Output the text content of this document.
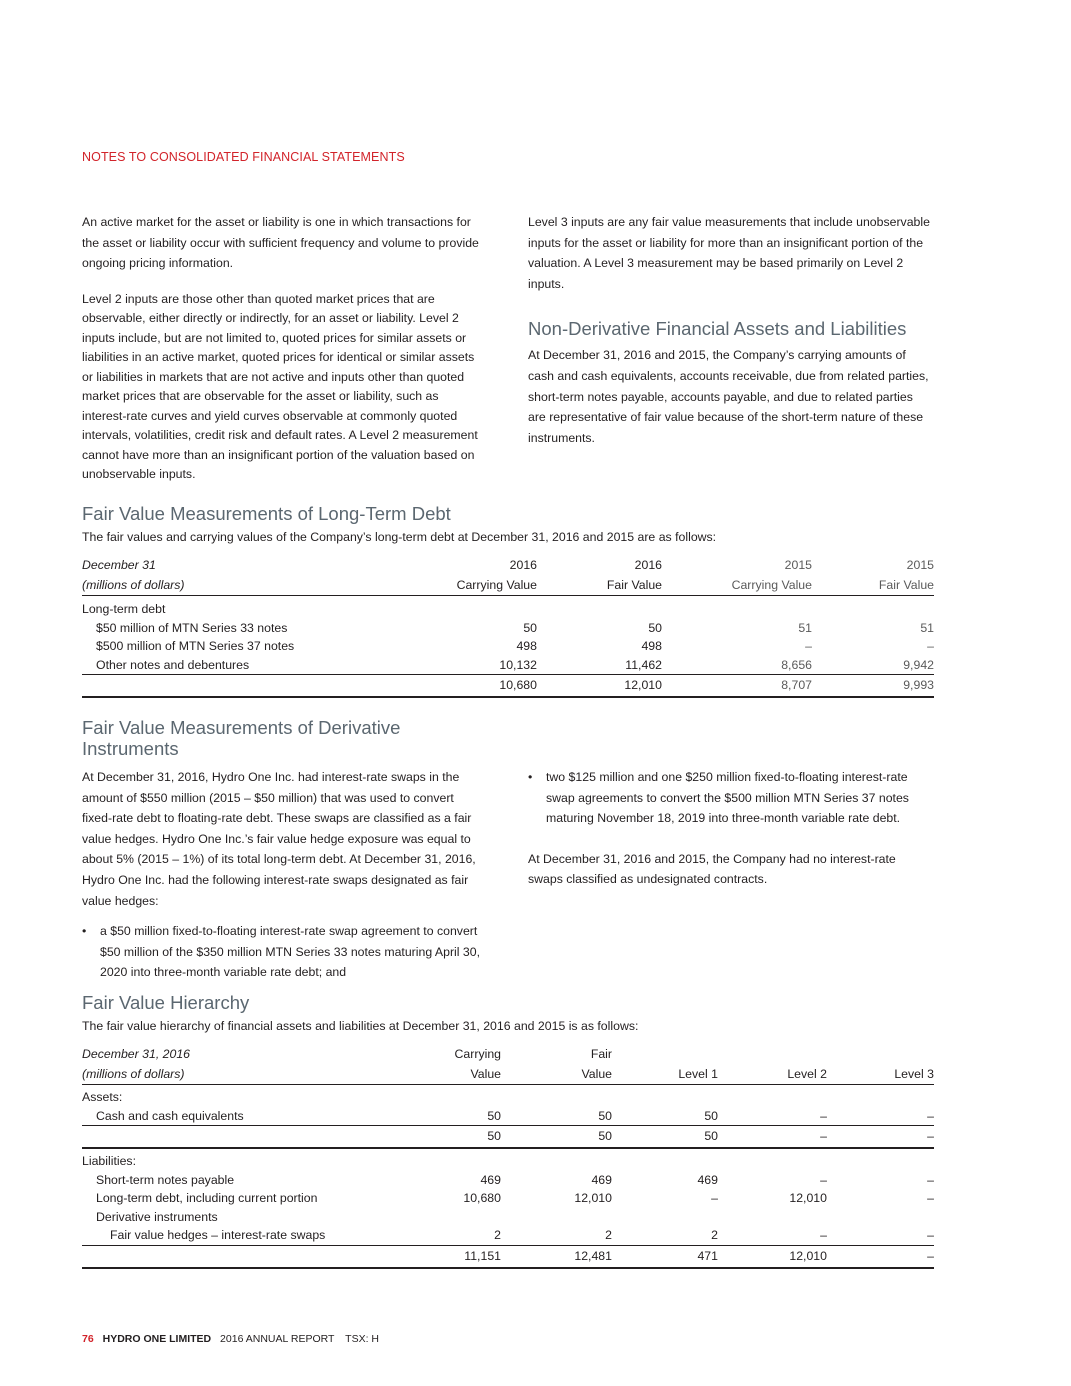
NOTES TO CONSOLIDATED FINANCIAL STATEMENTS

An active market for the asset or liability is one in which transactions for the asset or liability occur with sufficient frequency and volume to provide ongoing pricing information.

Level 2 inputs are those other than quoted market prices that are observable, either directly or indirectly, for an asset or liability. Level 2 inputs include, but are not limited to, quoted prices for similar assets or liabilities in an active market, quoted prices for identical or similar assets or liabilities in markets that are not active and inputs other than quoted market prices that are observable for the asset or liability, such as interest-rate curves and yield curves observable at commonly quoted intervals, volatilities, credit risk and default rates. A Level 2 measurement cannot have more than an insignificant portion of the valuation based on unobservable inputs.

Level 3 inputs are any fair value measurements that include unobservable inputs for the asset or liability for more than an insignificant portion of the valuation. A Level 3 measurement may be based primarily on Level 2 inputs.

Non-Derivative Financial Assets and Liabilities

At December 31, 2016 and 2015, the Company’s carrying amounts of cash and cash equivalents, accounts receivable, due from related parties, short-term notes payable, accounts payable, and due to related parties are representative of fair value because of the short-term nature of these instruments.

Fair Value Measurements of Long-Term Debt
The fair values and carrying values of the Company’s long-term debt at December 31, 2016 and 2015 are as follows:
December 31	2016	2016	2015	2015
(millions of dollars)	Carrying Value	Fair Value	Carrying Value	Fair Value

Long-term debt				
$50 million of MTN Series 33 notes	50	50	51	51
$500 million of MTN Series 37 notes	498	498	–	–
Other notes and debentures	10,132	11,462	8,656	9,942
	10,680	12,010	8,707	9,993
Fair Value Measurements of Derivative
Instruments

At December 31, 2016, Hydro One Inc. had interest-rate swaps in the amount of $550 million (2015 – $50 million) that was used to convert fixed-rate debt to floating-rate debt. These swaps are classified as a fair value hedges. Hydro One Inc.’s fair value hedge exposure was equal to about 5% (2015 – 1%) of its total long-term debt. At December 31, 2016, Hydro One Inc. had the following interest-rate swaps designated as fair value hedges:

• a $50 million fixed-to-floating interest-rate swap agreement to convert $50 million of the $350 million MTN Series 33 notes maturing April 30, 2020 into three-month variable rate debt; and
• two $125 million and one $250 million fixed-to-floating interest-rate swap agreements to convert the $500 million MTN Series 37 notes maturing November 18, 2019 into three-month variable rate debt.

At December 31, 2016 and 2015, the Company had no interest-rate swaps classified as undesignated contracts.

Fair Value Hierarchy
The fair value hierarchy of financial assets and liabilities at December 31, 2016 and 2015 is as follows:
December 31, 2016	Carrying	Fair			
(millions of dollars)	Value	Value	Level 1	Level 2	Level 3

Assets:					
Cash and cash equivalents	50	50	50	–	–
	50	50	50	–	–

Liabilities:					
Short-term notes payable	469	469	469	–	–
Long-term debt, including current portion	10,680	12,010	–	12,010	–
Derivative instruments					
Fair value hedges – interest-rate swaps	2	2	2	–	–
	11,151	12,481	471	12,010	–
76 HYDRO ONE LIMITED 2016 ANNUAL REPORT TSX: H
